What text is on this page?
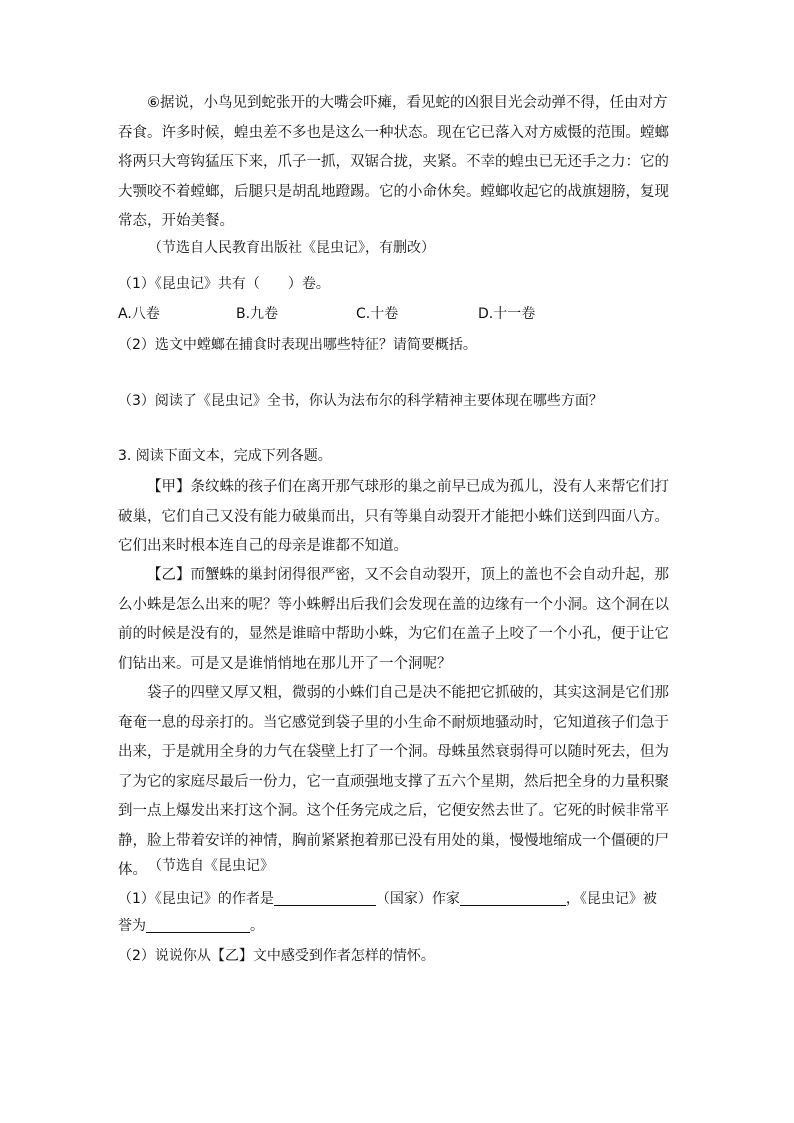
⑥据说，小鸟见到蛇张开的大嘴会吓瘫，看见蛇的凶狠目光会动弹不得，任由对方吞食。许多时候，蝗虫差不多也是这么一种状态。现在它已落入对方威慑的范围。螳螂将两只大弯钩猛压下来，爪子一抓，双锯合拢，夹紧。不幸的蝗虫已无还手之力：它的大颚咬不着螳螂，后腿只是胡乱地蹬踢。它的小命休矣。螳螂收起它的战旗翅膀，复现常态，开始美餐。

（节选自人民教育出版社《昆虫记》，有删改）
（1）《昆虫记》共有（　　）卷。
A.八卷	B.九卷	C.十卷	D.十一卷
（2）选文中螳螂在捕食时表现出哪些特征？请简要概括。
（3）阅读了《昆虫记》全书，你认为法布尔的科学精神主要体现在哪些方面？
3. 阅读下面文本，完成下列各题。

【甲】条纹蛛的孩子们在离开那气球形的巢之前早已成为孤儿，没有人来帮它们打破巢，它们自己又没有能力破巢而出，只有等巢自动裂开才能把小蛛们送到四面八方。它们出来时根本连自己的母亲是谁都不知道。

【乙】而蟹蛛的巢封闭得很严密，又不会自动裂开，顶上的盖也不会自动升起，那么小蛛是怎么出来的呢？等小蛛孵出后我们会发现在盖的边缘有一个小洞。这个洞在以前的时候是没有的，显然是谁暗中帮助小蛛，为它们在盖子上咬了一个小孔，便于让它们钻出来。可是又是谁悄悄地在那儿开了一个洞呢？

袋子的四壁又厚又粗，微弱的小蛛们自己是决不能把它抓破的，其实这洞是它们那奄奄一息的母亲打的。当它感觉到袋子里的小生命不耐烦地骚动时，它知道孩子们急于出来，于是就用全身的力气在袋壁上打了一个洞。母蛛虽然衰弱得可以随时死去，但为了为它的家庭尽最后一份力，它一直顽强地支撑了五六个星期，然后把全身的力量积聚到一点上爆发出来打这个洞。这个任务完成之后，它便安然去世了。它死的时候非常平静，脸上带着安详的神情，胸前紧紧抱着那已没有用处的巢，慢慢地缩成一个僵硬的尸体。 （节选自《昆虫记》
（1）《昆虫记》的作者是	（国家）作家	，《昆虫记》被
誉为	。
（2）说说你从【乙】文中感受到作者怎样的情怀。
